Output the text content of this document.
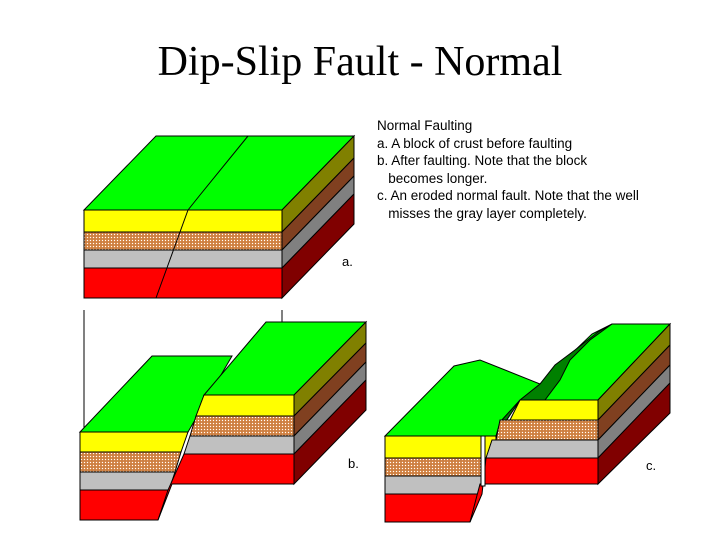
Dip-Slip Fault - Normal
Normal Faulting
a. A block of crust before faulting
b. After faulting. Note that the block
becomes longer.
c. An eroded normal fault. Note that the well
misses the gray layer completely.
a.
b.	c.
